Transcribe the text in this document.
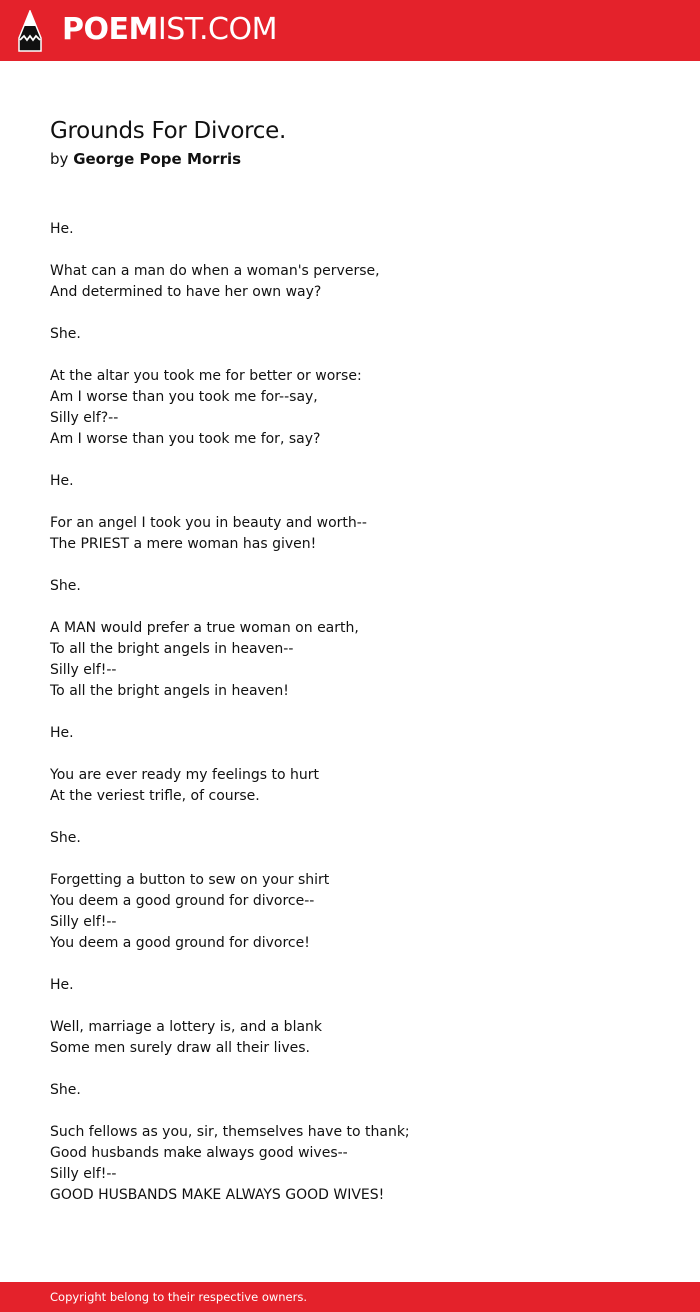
POEMIST.COM
Grounds For Divorce.
by George Pope Morris
He.
What can a man do when a woman's perverse,
And determined to have her own way?
She.
At the altar you took me for better or worse:
Am I worse than you took me for--say,
Silly elf?--
Am I worse than you took me for, say?
He.
For an angel I took you in beauty and worth--
The PRIEST a mere woman has given!
She.
A MAN would prefer a true woman on earth,
To all the bright angels in heaven--
Silly elf!--
To all the bright angels in heaven!
He.
You are ever ready my feelings to hurt
At the veriest trifle, of course.
She.
Forgetting a button to sew on your shirt
You deem a good ground for divorce--
Silly elf!--
You deem a good ground for divorce!
He.
Well, marriage a lottery is, and a blank
Some men surely draw all their lives.
She.
Such fellows as you, sir, themselves have to thank;
Good husbands make always good wives--
Silly elf!--
GOOD HUSBANDS MAKE ALWAYS GOOD WIVES!
Copyright belong to their respective owners.
